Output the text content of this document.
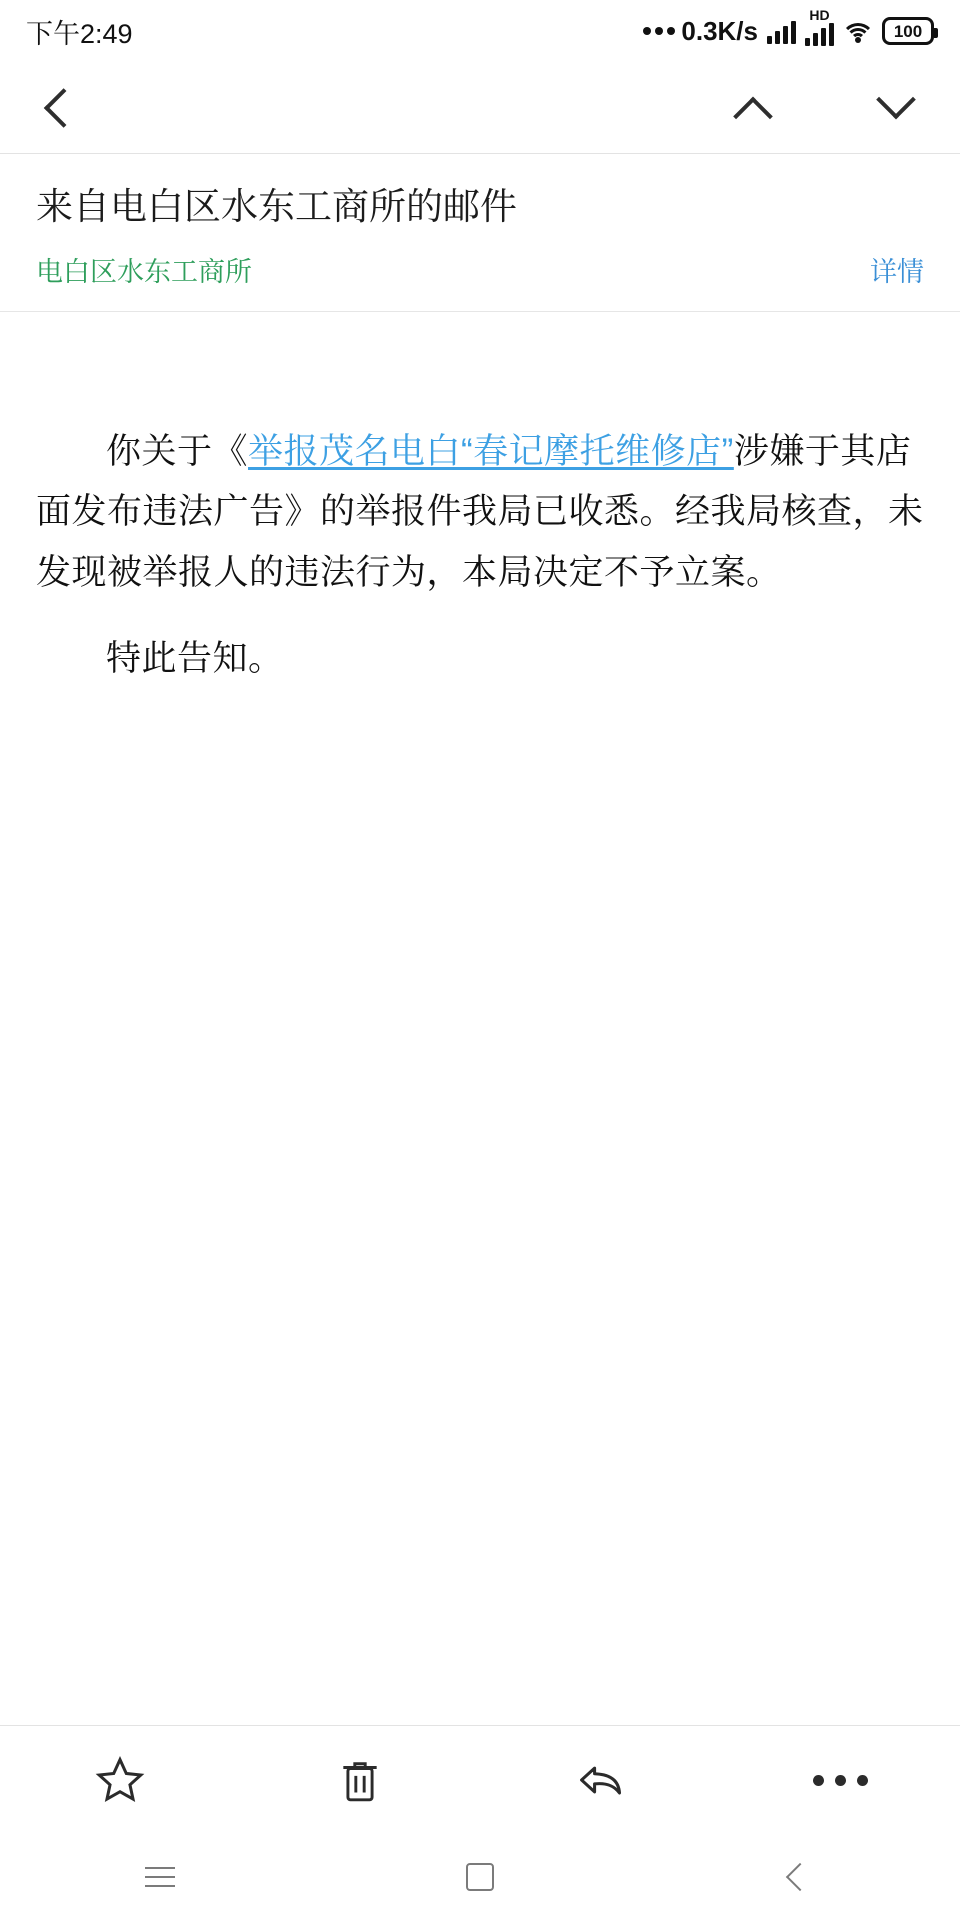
下午2:49	0.3K/s
HD
100
来自电白区水东工商所的邮件
电白区水东工商所	详情

你关于《举报茂名电白“春记摩托维修店”涉嫌于其店面发布违法广告》的举报件我局已收悉。经我局核查，未发现被举报人的违法行为，本局决定不予立案。

特此告知。
